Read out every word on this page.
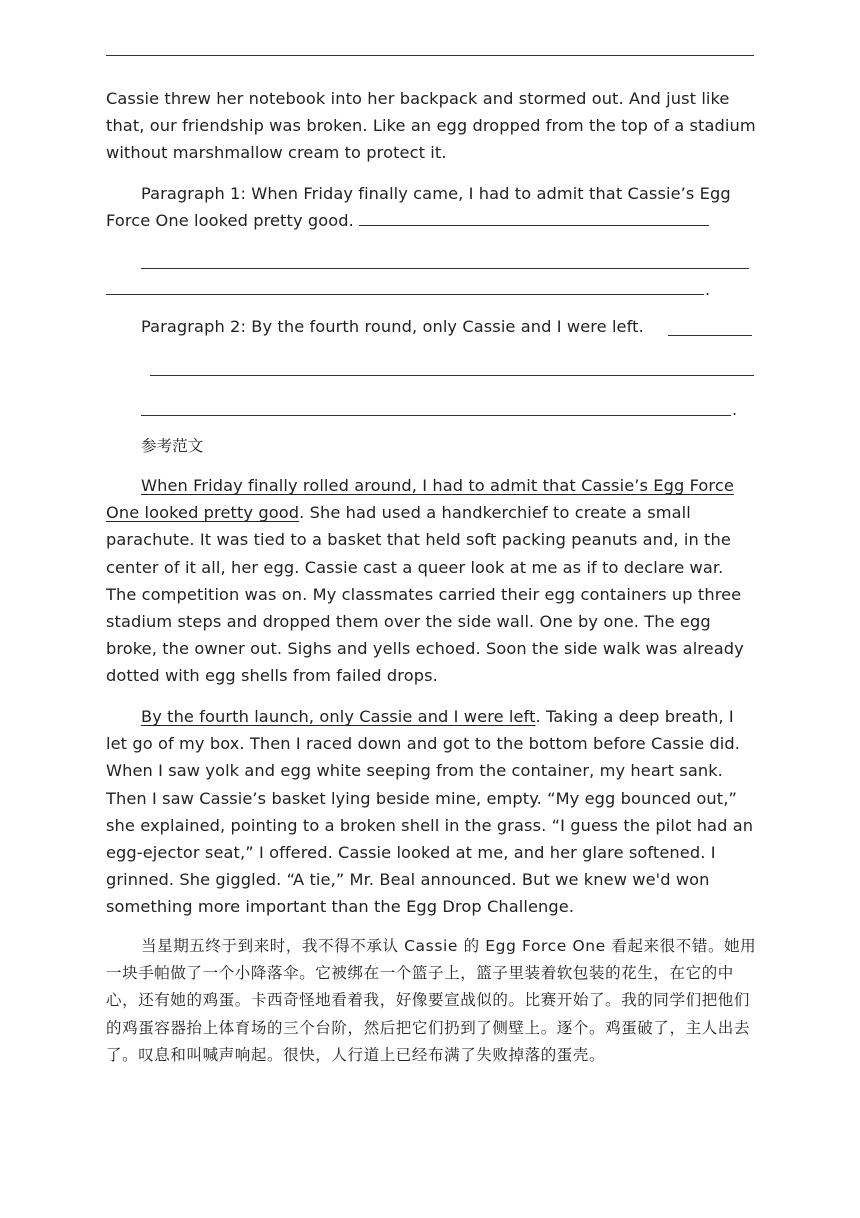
Cassie threw her notebook into her backpack and stormed out. And just like that, our friendship was broken. Like an egg dropped from the top of a stadium without marshmallow cream to protect it.

Paragraph 1: When Friday finally came, I had to admit that Cassie’s Egg Force One looked pretty good.

.

Paragraph 2: By the fourth round, only Cassie and I were left.

.

参考范文

When Friday finally rolled around, I had to admit that Cassie’s Egg Force One looked pretty good. She had used a handkerchief to create a small parachute. It was tied to a basket that held soft packing peanuts and, in the center of it all, her egg. Cassie cast a queer look at me as if to declare war. The competition was on. My classmates carried their egg containers up three stadium steps and dropped them over the side wall. One by one. The egg broke, the owner out. Sighs and yells echoed. Soon the side walk was already dotted with egg shells from failed drops.

By the fourth launch, only Cassie and I were left. Taking a deep breath, I let go of my box. Then I raced down and got to the bottom before Cassie did. When I saw yolk and egg white seeping from the container, my heart sank. Then I saw Cassie’s basket lying beside mine, empty. “My egg bounced out,” she explained, pointing to a broken shell in the grass. “I guess the pilot had an egg-ejector seat,” I offered. Cassie looked at me, and her glare softened. I grinned. She giggled. “A tie,” Mr. Beal announced. But we knew we'd won something more important than the Egg Drop Challenge.

当星期五终于到来时，我不得不承认 Cassie 的 Egg Force One 看起来很不错。她用一块手帕做了一个小降落伞。它被绑在一个篮子上，篮子里装着软包装的花生，在它的中心，还有她的鸡蛋。卡西奇怪地看着我，好像要宣战似的。比赛开始了。我的同学们把他们的鸡蛋容器抬上体育场的三个台阶，然后把它们扔到了侧壁上。逐个。鸡蛋破了，主人出去了。叹息和叫喊声响起。很快，人行道上已经布满了失败掉落的蛋壳。
